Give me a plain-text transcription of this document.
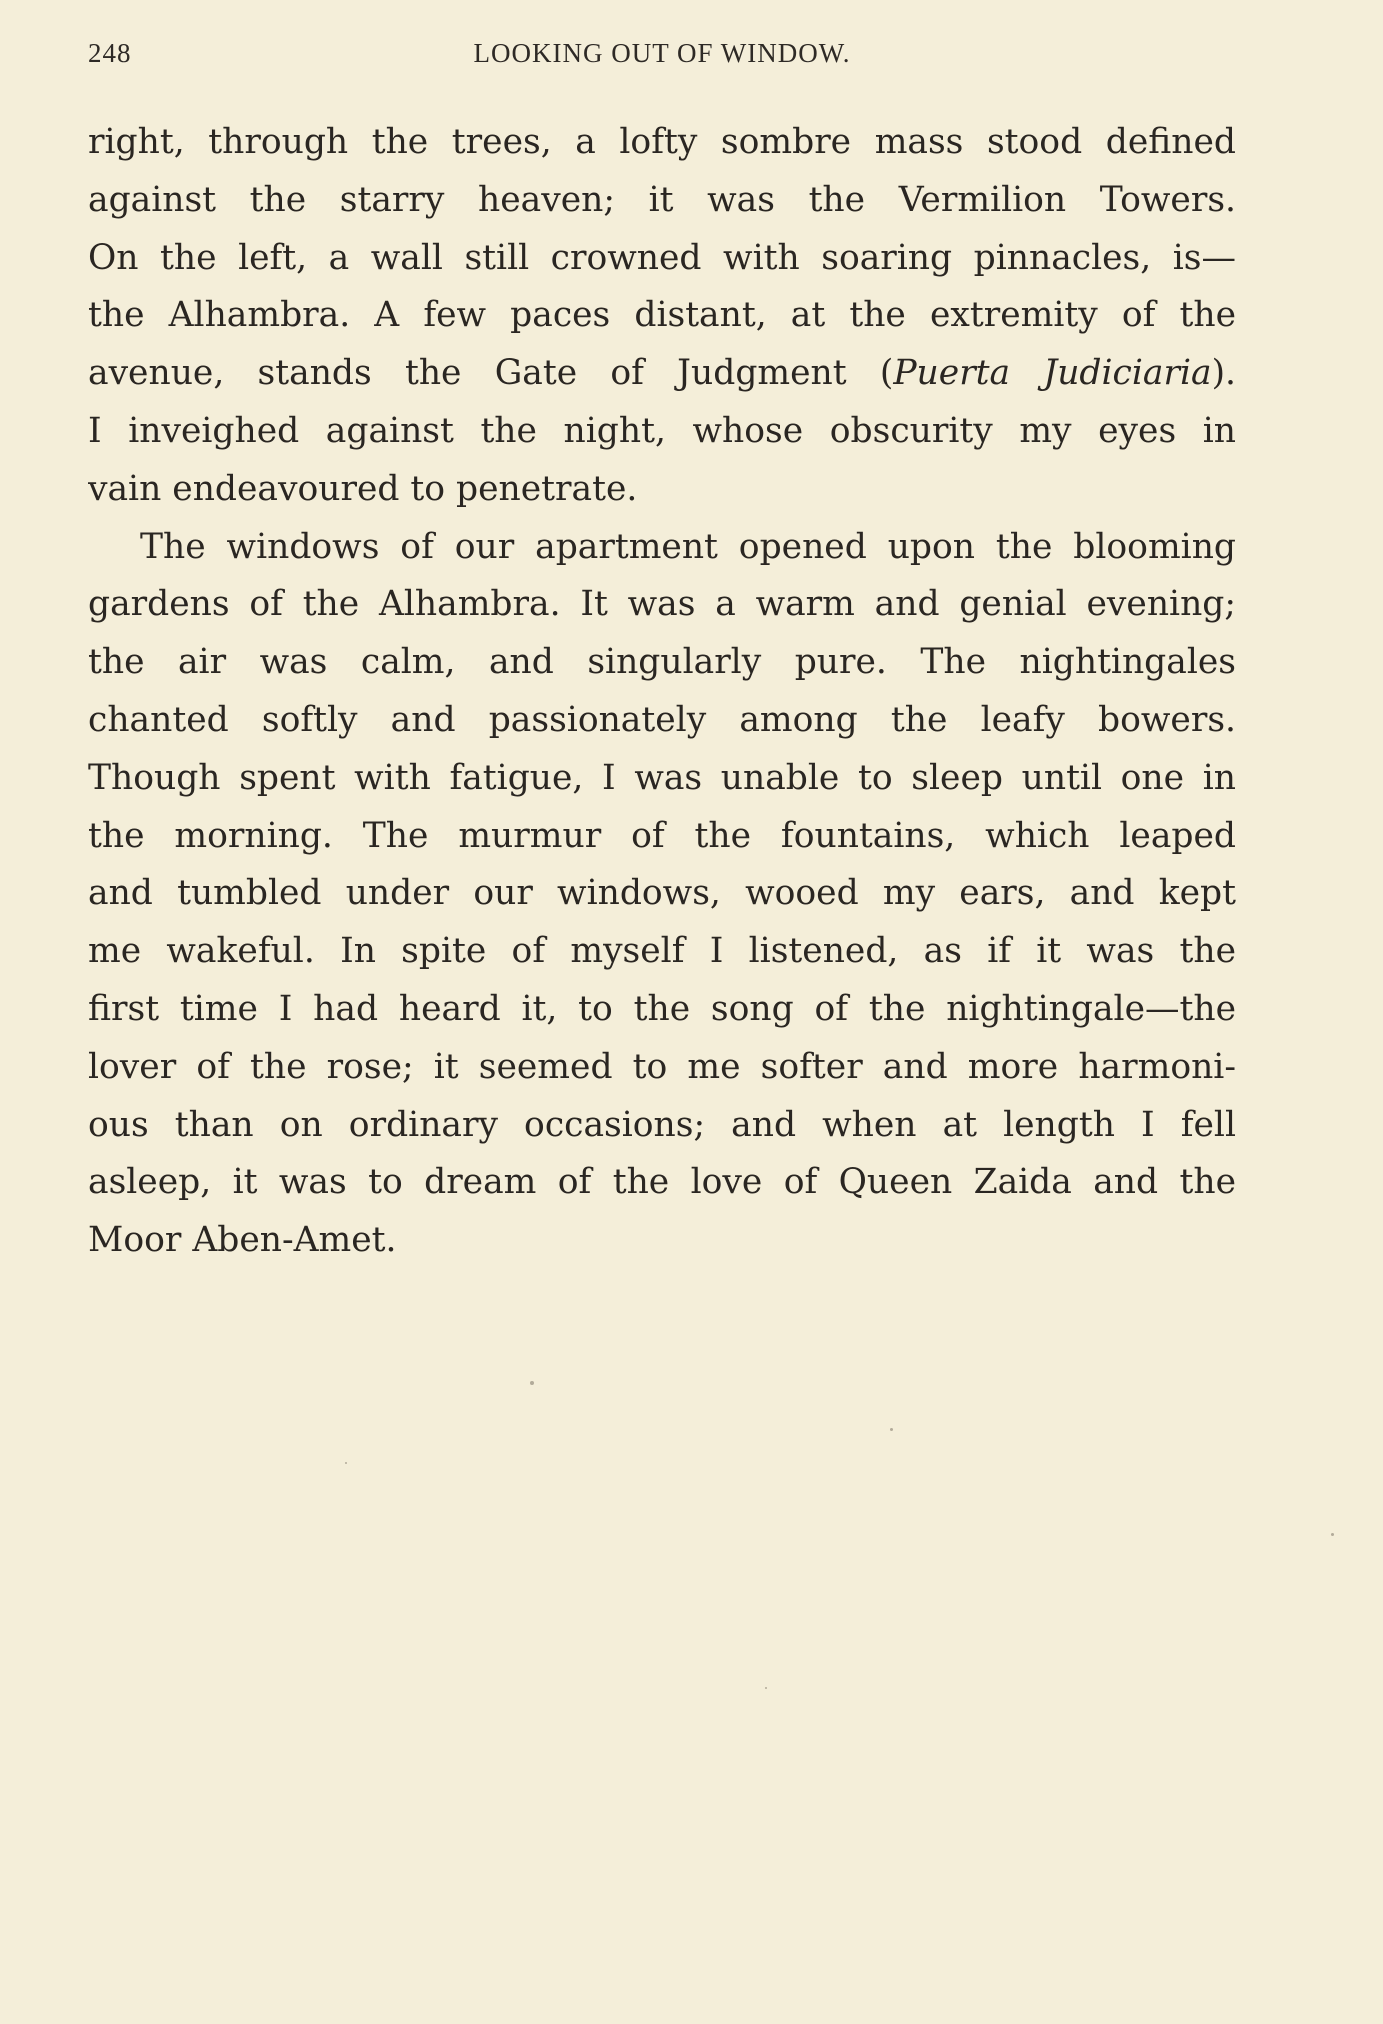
248	LOOKING OUT OF WINDOW.
right, through the trees, a lofty sombre mass stood defined
against the starry heaven; it was the Vermilion Towers.
On the left, a wall still crowned with soaring pinnacles, is—
the Alhambra. A few paces distant, at the extremity of the
avenue, stands the Gate of Judgment (Puerta Judiciaria).
I inveighed against the night, whose obscurity my eyes in
vain endeavoured to penetrate.
The windows of our apartment opened upon the blooming
gardens of the Alhambra. It was a warm and genial evening;
the air was calm, and singularly pure. The nightingales
chanted softly and passionately among the leafy bowers.
Though spent with fatigue, I was unable to sleep until one in
the morning. The murmur of the fountains, which leaped
and tumbled under our windows, wooed my ears, and kept
me wakeful. In spite of myself I listened, as if it was the
first time I had heard it, to the song of the nightingale—the
lover of the rose; it seemed to me softer and more harmoni-
ous than on ordinary occasions; and when at length I fell
asleep, it was to dream of the love of Queen Zaida and the
Moor Aben-Amet.
